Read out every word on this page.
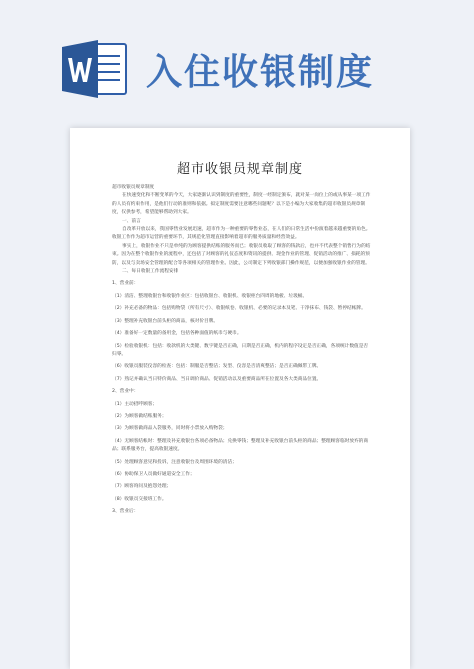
入住收银制度
超市收银员规章制度

超市收银员规章制度

在快速变化和不断变革的今天，大家逐渐认识到制度的重要性，制度一经制定颁布，就对某一岗位上的或从事某一项工作的人员有约束作用，是他们行动的准则和依据。拟定制度需要注意哪些问题呢？以下是小编为大家收集的超市收银员规章制度，仅供参考，希望能够帮助到大家。

一、前言

自改革开放以来，我国零售业发展迅速，超市作为一种重要的零售业态，在人们的日常生活中扮演着越来越重要的角色。收银工作作为超市运营的重要环节，其规范化管理直接影响着超市的服务质量和经营效益。

事实上，收银作业不只是单纯的为顾客提供结账的服务而已；收银员收取了顾客的钱款后，也并不代表整个销售行为的结束。因为在整个收银作业的流程中，还包括了对顾客的礼仪态度和资讯的提供、现金作业的管理、促销活动的推广、损耗的预防，以及与卖场安全管理的配合等各项相关的管理作业。因此，公司制定下列收银部门操作规范，以便加强收银作业的管理。

二、每日收银工作流程安排

1、营业前：

（1）清洁、整理收银台和收银作业区：包括收银台、收银机、收银柜台四周的地板、垃圾桶。

（2）补充必备的物品：包括购物袋（所有尺寸）、收银纸卷、收银机、必要的记录本及笔、干净抹布、钱袋、暂停结帐牌。

（3）整理补充收银台前头柜的商品，核对价目牌。

（4）准备好一定数量的备用金，包括各种面值的纸币与硬币。

（5）检验收银机：包括：收款机的大类键、数字键是否正确，日期是否正确，机内的程序设定是否正确，各项统计数值是否归零。

（6）收银员服装仪容的检查：包括：制服是否整洁；发型、仪容是否清爽整洁；是否正确佩带工牌。

（7）熟记并确认当日特价商品、当日调价商品、促销活动以及重要商品所在位置及各大类商品位置。

2、营业中：

（1）主动招呼顾客；

（2）为顾客做结账服务；

（3）为顾客做商品入袋服务，同时将小票放入购物袋；

（4）无顾客结帐时：整理及补充收银台各项必备物品；兑换零钱；整理及补充收银台前头柜的商品；整理顾客临时放弃的商品；联系服务台，提高收银速度。

（5）处理顾客意见和投诉，注意收银台及周围环境的清洁；

（6）协助保卫人员做好通道安全工作；

（7）顾客询问及抱怨处理；

（8）收银员交接班工作。

3、营业后：
